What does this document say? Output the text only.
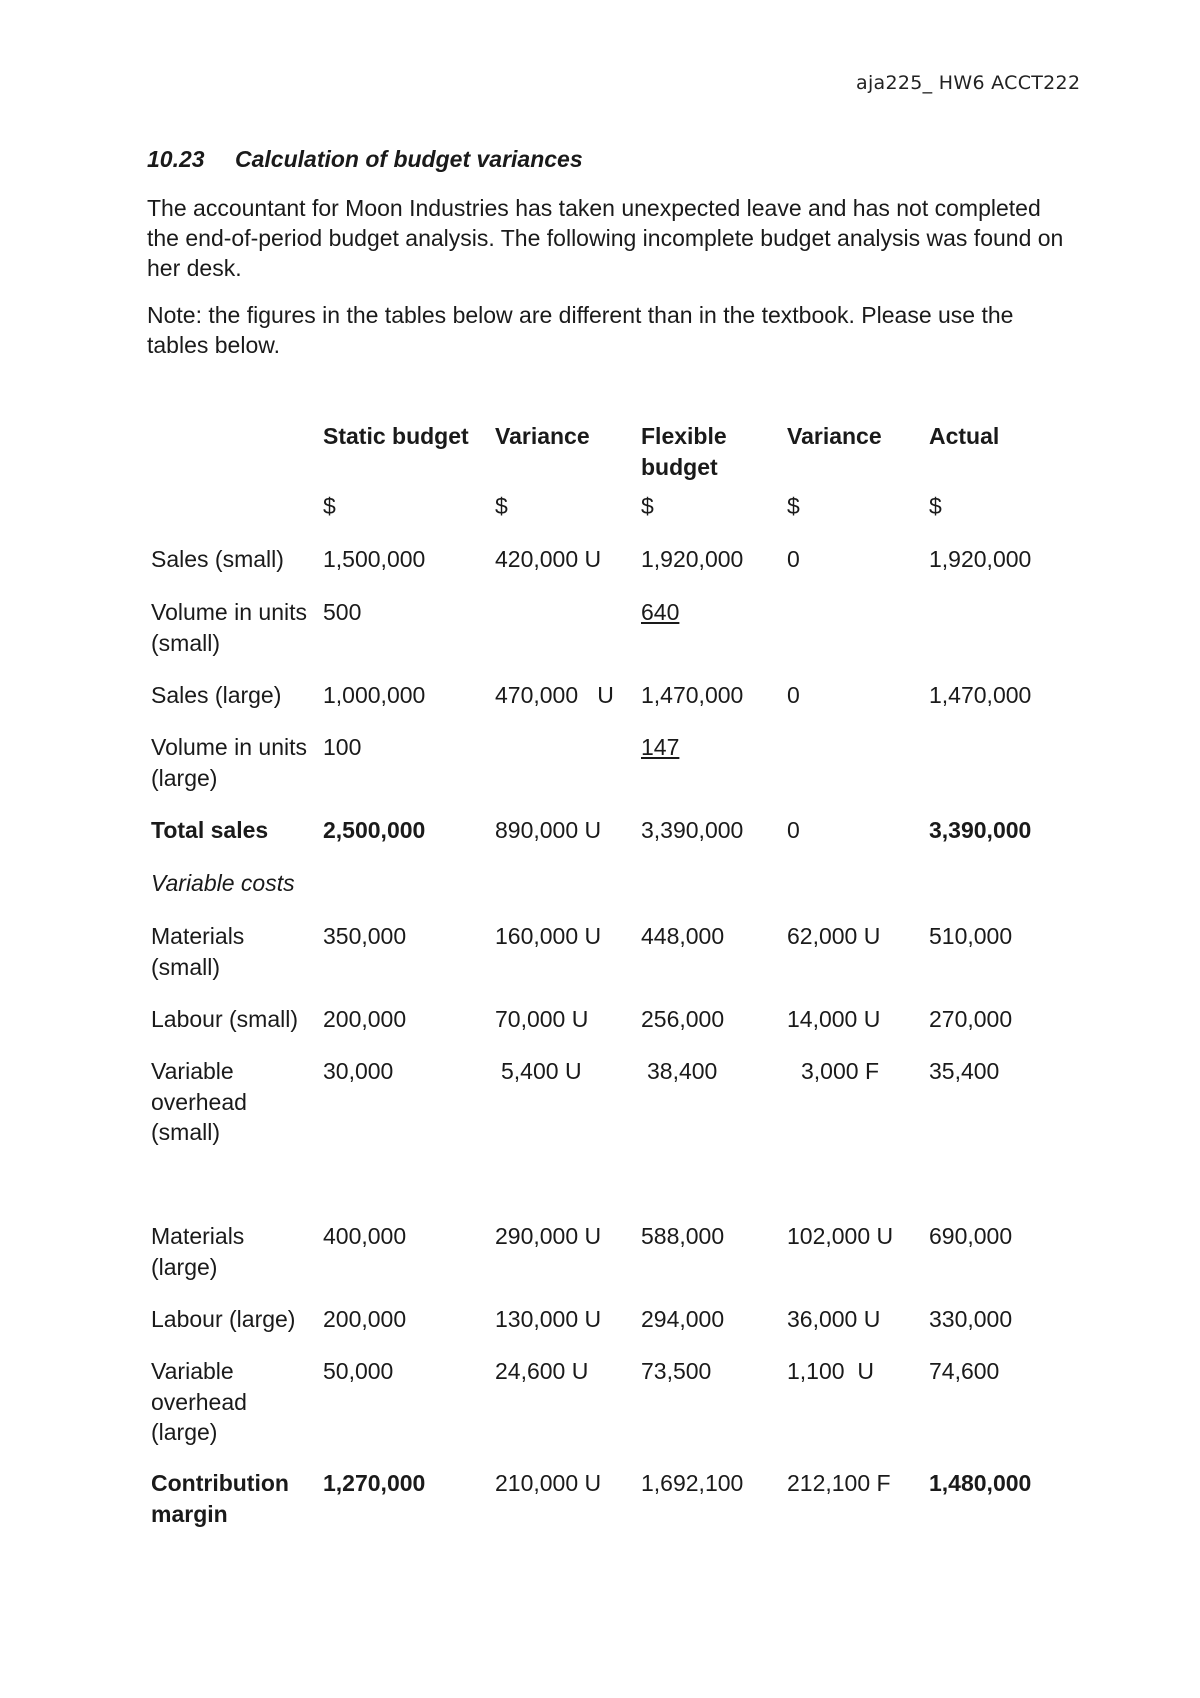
aja225_ HW6 ACCT222
10.23 Calculation of budget variances
The accountant for Moon Industries has taken unexpected leave and has not completed the end-of-period budget analysis. The following incomplete budget analysis was found on her desk.
Note: the figures in the tables below are different than in the textbook. Please use the tables below.
	Static budget	Variance	Flexible budget	Variance	Actual
	$	$	$	$	$
Sales (small)	1,500,000	420,000 U	1,920,000	0	1,920,000
Volume in units (small)	500		640		
Sales (large)	1,000,000	470,000   U	1,470,000	0	1,470,000
Volume in units (large)	100		147		
Total sales	2,500,000	890,000 U	3,390,000	0	3,390,000
Variable costs					
Materials (small)	350,000	160,000 U	448,000	62,000 U	510,000
Labour (small)	200,000	70,000 U	256,000	14,000 U	270,000
Variable overhead (small)	30,000	5,400 U	38,400	3,000 F	35,400
Materials (large)	400,000	290,000 U	588,000	102,000 U	690,000
Labour (large)	200,000	130,000 U	294,000	36,000 U	330,000
Variable overhead (large)	50,000	24,600 U	73,500	1,100  U	74,600
Contribution margin	1,270,000	210,000 U	1,692,100	212,100 F	1,480,000
